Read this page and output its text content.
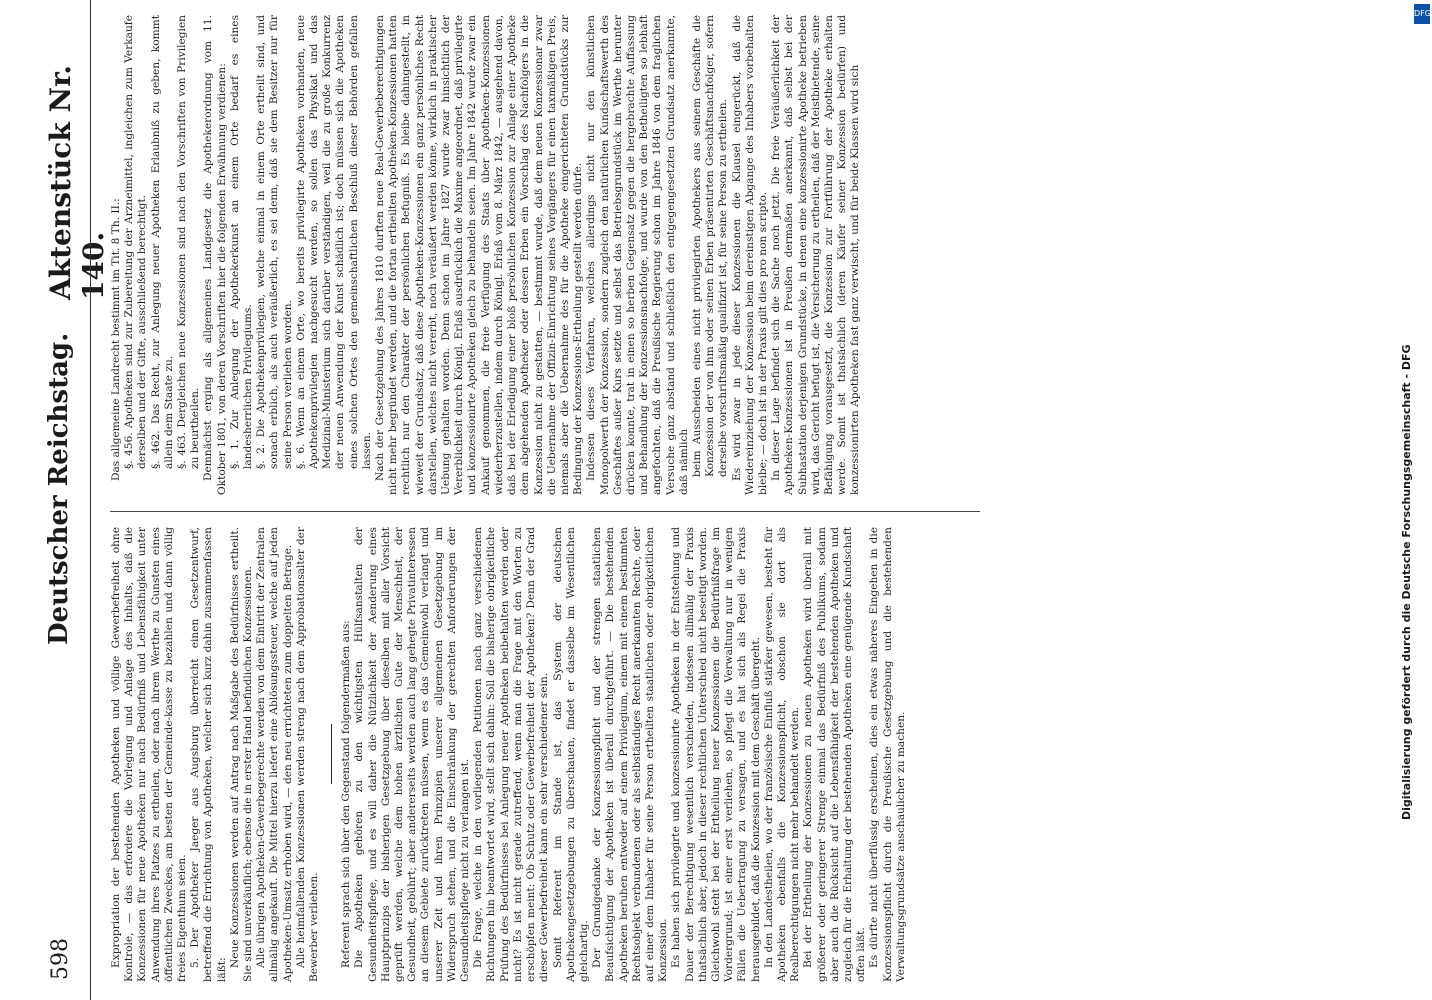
598
Deutscher Reichstag.
Aktenstück Nr. 140.

Expropriation der bestehenden Apotheken und völlige Gewerbefreiheit ohne Kontrole, — das erfordere die Vorlegung und Anlage des Inhalts, daß die Konzessionen für neue Apotheken nur nach Bedürfniß und Lebensfähigkeit unter Anwendung ihres Platzes zu ertheilen, oder nach ihrem Werthe zu Gunsten eines öffentlichen Zweckes, am besten der Gemeinde-kasse zu bezahlen und dann völlig freies Eigenthum seien. 5. Der Apotheker Jaeger aus Augsburg überreicht einen Gesetzentwurf, betreffend die Errichtung von Apotheken, welcher sich kurz dahin zusammenfassen läßt:

Neue Konzessionen werden auf Antrag nach Maßgabe des Bedürfnisses ertheilt. Sie sind unverkäuflich; ebenso die in erster Hand befindlichen Konzessionen. Alle übrigen Apotheken-Gewerbegerechte werden von dem Eintritt der Zentralen allmälig angekauft. Die Mittel hierzu liefert eine Ablösungssteuer, welche auf jeden Apotheken-Umsatz erhoben wird, — den neu errichteten zum doppelten Betrage. Alle heimfallenden Konzessionen werden streng nach dem Approbationsalter der Bewerber verliehen. Referent sprach sich über den Gegenstand folgendermaßen aus: Die Apotheken gehören zu den wichtigsten Hülfsanstalten der Gesundheitspflege, und es will daher die Nützlichkeit der Aenderung eines Hauptprinzips der bisherigen Gesetzgebung über dieselben mit aller Vorsicht geprüft werden, welche dem hohen ärztlichen Gute der Menschheit, der Gesundheit, gebührt; aber andererseits werden auch lang gehegte Privatinteressen an diesem Gebiete zurücktreten müssen, wenn es das Gemeinwohl verlangt und unserer Zeit und ihren Prinzipien unserer allgemeinen Gesetzgebung im Widerspruch stehen, und die Einschränkung der gerechten Anforderungen der Gesundheitspflege nicht zu verlangen ist. Die Frage, welche in den vorliegenden Petitionen nach ganz verschiedenen Richtungen hin beantwortet wird, stellt sich dahin: Soll die bisherige obrigkeitliche Prüfung des Bedürfnisses bei Anlegung neuer Apotheken beibehalten werden oder nicht? Es ist nicht gerade zutreffend, wenn man die Frage mit den Worten zu erschöpfen meint: Ob Schutz oder Gewerbefreiheit der Apotheken? Denn der Grad dieser Gewerbefreiheit kann ein sehr verschiedener sein. Somit Referent im Stande ist, das System der deutschen Apothekengesetzgebungen zu überschauen, findet er dasselbe im Wesentlichen gleichartig. Der Grundgedanke der Konzessionspflicht und der strengen staatlichen Beaufsichtigung der Apotheken ist überall durchgeführt. — Die bestehenden Apotheken beruhen entweder auf einem Privilegium, einem mit einem bestimmten Rechtsobjekt verbundenen oder als selbständiges Recht anerkannten Rechte, oder auf einer dem Inhaber für seine Person ertheilten staatlichen oder obrigkeitlichen Konzession. Es haben sich privilegirte und konzessionirte Apotheken in der Entstehung und Dauer der Berechtigung wesentlich verschieden, indessen allmälig der Praxis thatsächlich aber, jedoch in dieser rechtlichen Unterschied nicht beseitigt worden. Gleichwohl steht bei der Ertheilung neuer Konzessionen die Bedürfnißfrage im Vordergrund; ist einer erst verliehen, so pflegt die Verwaltung nur in wenigen Fällen die Uebertragung zu versagen, und es hat sich als Regel die Praxis herausgebildet, daß die Konzession mit dem Geschäft übergeht. In den Landestheilen, wo der französische Einfluß stärker gewesen, besteht für Apotheken ebenfalls die Konzessionspflicht, obschon sie dort als Realberechtigungen nicht mehr behandelt werden. Bei der Ertheilung der Konzessionen zu neuen Apotheken wird überall mit größerer oder geringerer Strenge einmal das Bedürfniß des Publikums, sodann aber auch die Rücksicht auf die Lebensfähigkeit der bestehenden Apotheken und zugleich für die Erhaltung der bestehenden Apotheken eine genügende Kundschaft offen läßt. Es dürfte nicht überflüssig erscheinen, dies ein etwas näheres Eingehen in die Konzessionspflicht durch die Preußische Gesetzgebung und die bestehenden Verwaltungsgrundsätze anschaulicher zu machen.

Das allgemeine Landrecht bestimmt im Tit. 8 Th. II.: §. 456. Apotheken sind zur Zubereitung der Arzneimittel, ingleichen zum Verkaufe derselben und der Gifte, ausschließend berechtigt. §. 462. Das Recht, zur Anlegung neuer Apotheken Erlaubniß zu geben, kommt allein dem Staate zu. §. 463. Dergleichen neue Konzessionen sind nach den Vorschriften von Privilegien zu beurtheilen. Demnächst erging als allgemeines Landgesetz die Apothekerordnung vom 11. Oktober 1801, von deren Vorschriften hier die folgenden Erwähnung verdienen: §. 1. Zur Anlegung der Apothekerkunst an einem Orte bedarf es eines landesherrlichen Privilegiums. §. 2. Die Apothekenprivilegien, welche einmal in einem Orte ertheilt sind, und sonach erblich, als auch veräußerlich, es sei denn, daß sie dem Besitzer nur für seine Person verliehen worden. §. 6. Wenn an einem Orte, wo bereits privilegirte Apotheken vorhanden, neue Apothekenprivilegien nachgesucht werden, so sollen das Physikat und das Medizinal-Ministerium sich darüber verständigen, weil die zu große Konkurrenz der neuen Anwendung der Kunst schädlich ist; doch müssen sich die Apotheken eines solchen Ortes den gemeinschaftlichen Beschluß dieser Behörden gefallen lassen. Nach der Gesetzgebung des Jahres 1810 durften neue Real-Gewerbeberechtigungen nicht mehr begründet werden, und die fortan ertheilten Apotheken-Konzessionen hatten rechtlich nur den Charakter der persönlichen Befugniß. Es bleibe dahingestellt, in wieweit der Grundsatz, daß diese Apotheken-Konzessionen ein ganz persönliches Recht darstellen, welches nicht vererbt, noch veräußert werden könne, wirklich in praktischer Uebung gehalten worden. Denn schon im Jahre 1827 wurde zwar hinsichtlich der Vererblichkeit durch Königl. Erlaß ausdrücklich die Maxime angeordnet, daß privilegirte und konzessionirte Apotheken gleich zu behandeln seien. Im Jahre 1842 wurde zwar ein Ankauf genommen, die freie Verfügung des Staats über Apotheken-Konzessionen wiederherzustellen, indem durch Königl. Erlaß vom 8. März 1842, — ausgehend davon, daß bei der Erledigung einer bloß persönlichen Konzession zur Anlage einer Apotheke dem abgehenden Apotheker oder dessen Erben ein Vorschlag des Nachfolgers in die Konzession nicht zu gestatten, — bestimmt wurde, daß dem neuen Konzessionar zwar die Uebernahme der Offizin-Einrichtung seines Vorgängers für einen taxmäßigen Preis, niemals aber die Uebernahme des für die Apotheke eingerichteten Grundstücks zur Bedingung der Konzessions-Ertheilung gestellt werden dürfe. Indessen dieses Verfahren, welches allerdings nicht nur den künstlichen Monopolwerth der Konzession, sondern zugleich den natürlichen Kundschaftswerth des Geschäftes außer Kurs setzte und selbst das Betriebsgrundstück im Werthe herunter drücken konnte, trat in einen so herben Gegensatz gegen die hergebrachte Auffassung und Behandlung der Konzessionsnachfolge, und wurde von den Betheiligten so lebhaft angefochten, daß die Preußische Regierung schon im Jahre 1846 von dem fraglichen Versuche ganz abstand und schließlich den entgegengesetzten Grundsatz anerkannte, daß nämlich beim Ausscheiden eines nicht privilegirten Apothekers aus seinem Geschäfte die Konzession der von ihm oder seinen Erben präsentirten Geschäftsnachfolger, sofern derselbe vorschriftsmäßig qualifizirt ist, für seine Person zu ertheilen. Es wird zwar in jede dieser Konzessionen die Klausel eingerückt, daß die Wiedereinziehung der Konzession beim dereinstigen Abgange des Inhabers vorbehalten bleibe; — doch ist in der Praxis gilt dies pro non scripto. In dieser Lage befindet sich die Sache noch jetzt. Die freie Veräußerlichkeit der Apotheken-Konzessionen ist in Preußen dermaßen anerkannt, daß selbst bei der Subhastation derjenigen Grundstücke, in denen eine konzessionirte Apotheke betrieben wird, das Gericht befugt ist, die Versicherung zu ertheilen, daß der Meistbietende, seine Befähigung vorausgesetzt, die Konzession zur Fortführung der Apotheke erhalten werde. Somit ist thatsächlich (deren Käufer seiner Konzession bedürfen) und konzessionirten Apotheken fast ganz verwischt, und für beide Klassen wird sich

DFG
Digitalisierung gefördert durch die Deutsche Forschungsgemeinschaft - DFG
